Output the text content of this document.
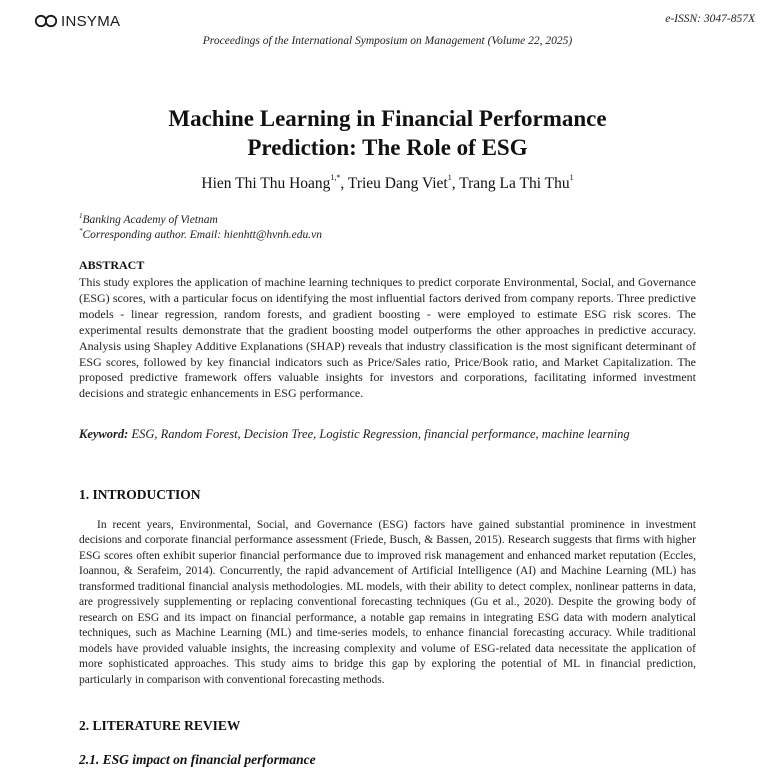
INSYMA	e-ISSN: 3047-857X
Proceedings of the International Symposium on Management (Volume 22, 2025)
Machine Learning in Financial Performance
Prediction: The Role of ESG
Hien Thi Thu Hoang$^{1,*}$, Trieu Dang Viet$^1$, Trang La Thi Thu$^1$
$^1$Banking Academy of Vietnam
*Corresponding author. Email: hienhtt@hvnh.edu.vn
ABSTRACT
This study explores the application of machine learning techniques to predict corporate Environmental, Social, and Governance (ESG) scores, with a particular focus on identifying the most influential factors derived from company reports. Three predictive models - linear regression, random forests, and gradient boosting - were employed to estimate ESG risk scores. The experimental results demonstrate that the gradient boosting model outperforms the other approaches in predictive accuracy. Analysis using Shapley Additive Explanations (SHAP) reveals that industry classification is the most significant determinant of ESG scores, followed by key financial indicators such as Price/Sales ratio, Price/Book ratio, and Market Capitalization. The proposed predictive framework offers valuable insights for investors and corporations, facilitating informed investment decisions and strategic enhancements in ESG performance.
Keyword: ESG, Random Forest, Decision Tree, Logistic Regression, financial performance, machine learning
1. INTRODUCTION
In recent years, Environmental, Social, and Governance (ESG) factors have gained substantial prominence in investment decisions and corporate financial performance assessment (Friede, Busch, & Bassen, 2015). Research suggests that firms with higher ESG scores often exhibit superior financial performance due to improved risk management and enhanced market reputation (Eccles, Ioannou, & Serafeim, 2014). Concurrently, the rapid advancement of Artificial Intelligence (AI) and Machine Learning (ML) has transformed traditional financial analysis methodologies. ML models, with their ability to detect complex, nonlinear patterns in data, are progressively supplementing or replacing conventional forecasting techniques (Gu et al., 2020). Despite the growing body of research on ESG and its impact on financial performance, a notable gap remains in integrating ESG data with modern analytical techniques, such as Machine Learning (ML) and time-series models, to enhance financial forecasting accuracy. While traditional models have provided valuable insights, the increasing complexity and volume of ESG-related data necessitate the application of more sophisticated approaches. This study aims to bridge this gap by exploring the potential of ML in financial prediction, particularly in comparison with conventional forecasting methods.
2. LITERATURE REVIEW
2.1. ESG impact on financial performance
